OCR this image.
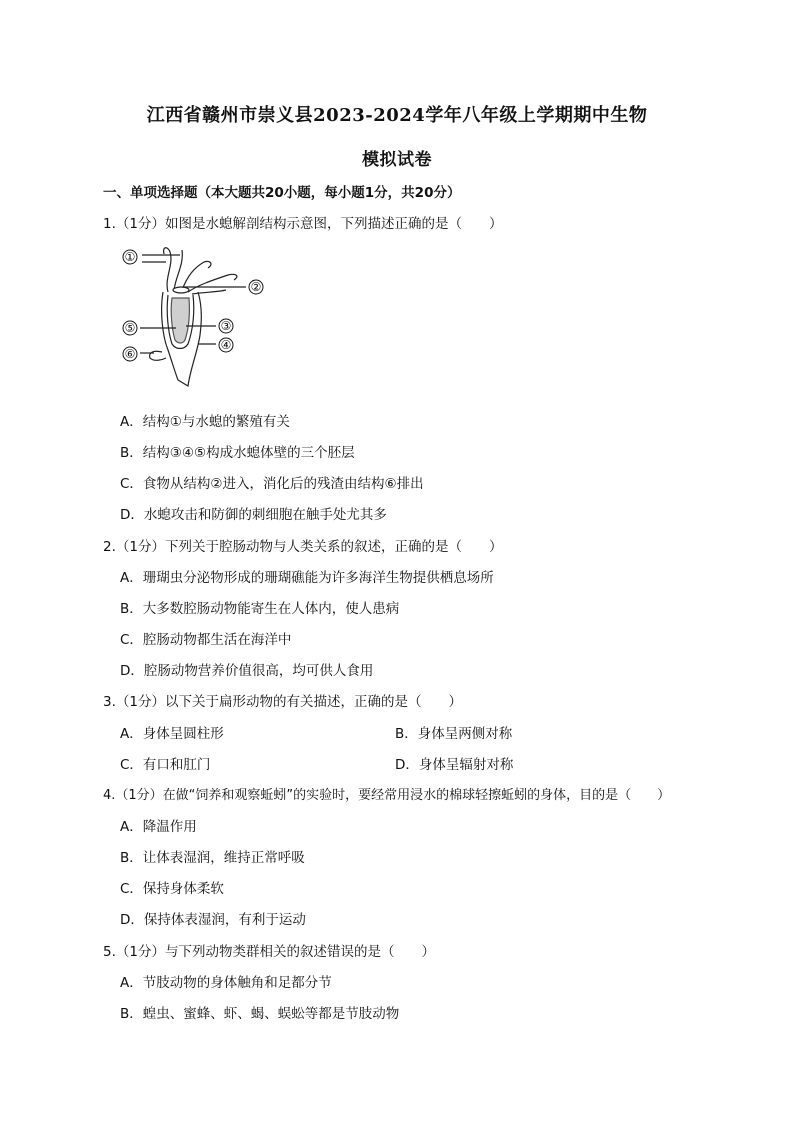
江西省赣州市崇义县2023-2024学年八年级上学期期中生物
模拟试卷
一、单项选择题（本大题共20小题，每小题1分，共20分）
1.（1分）如图是水螅解剖结构示意图，下列描述正确的是（　　）
①
②
③
④
⑤
⑥
A．结构①与水螅的繁殖有关
B．结构③④⑤构成水螅体壁的三个胚层
C．食物从结构②进入，消化后的残渣由结构⑥排出
D．水螅攻击和防御的刺细胞在触手处尤其多
2.（1分）下列关于腔肠动物与人类关系的叙述，正确的是（　　）
A．珊瑚虫分泌物形成的珊瑚礁能为许多海洋生物提供栖息场所
B．大多数腔肠动物能寄生在人体内，使人患病
C．腔肠动物都生活在海洋中
D．腔肠动物营养价值很高，均可供人食用
3.（1分）以下关于扁形动物的有关描述，正确的是（　　）
A．身体呈圆柱形	B．身体呈两侧对称
C．有口和肛门	D．身体呈辐射对称
4.（1分）在做“饲养和观察蚯蚓”的实验时，要经常用浸水的棉球轻擦蚯蚓的身体，目的是（　　）
A．降温作用
B．让体表湿润，维持正常呼吸
C．保持身体柔软
D．保持体表湿润，有利于运动
5.（1分）与下列动物类群相关的叙述错误的是（　　）
A．节肢动物的身体触角和足都分节
B．蝗虫、蜜蜂、虾、蝎、蜈蚣等都是节肢动物
